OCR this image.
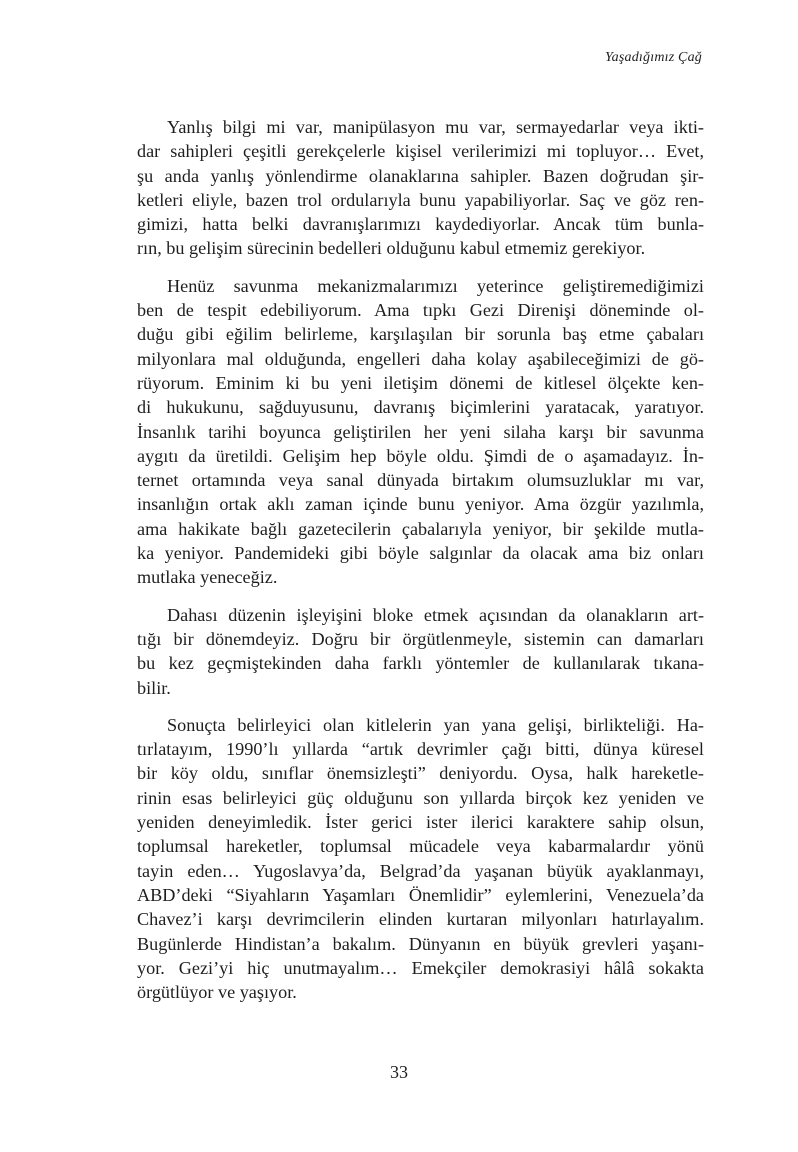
Yaşadığımız Çağ

Yanlış bilgi mi var, manipülasyon mu var, sermayedarlar veya ikti-
dar sahipleri çeşitli gerekçelerle kişisel verilerimizi mi topluyor… Evet,
şu anda yanlış yönlendirme olanaklarına sahipler. Bazen doğrudan şir-
ketleri eliyle, bazen trol ordularıyla bunu yapabiliyorlar. Saç ve göz ren-
gimizi, hatta belki davranışlarımızı kaydediyorlar. Ancak tüm bunla-
rın, bu gelişim sürecinin bedelleri olduğunu kabul etmemiz gerekiyor.

Henüz savunma mekanizmalarımızı yeterince geliştiremediğimizi
ben de tespit edebiliyorum. Ama tıpkı Gezi Direnişi döneminde ol-
duğu gibi eğilim belirleme, karşılaşılan bir sorunla baş etme çabaları
milyonlara mal olduğunda, engelleri daha kolay aşabileceğimizi de gö-
rüyorum. Eminim ki bu yeni iletişim dönemi de kitlesel ölçekte ken-
di hukukunu, sağduyusunu, davranış biçimlerini yaratacak, yaratıyor.
İnsanlık tarihi boyunca geliştirilen her yeni silaha karşı bir savunma
aygıtı da üretildi. Gelişim hep böyle oldu. Şimdi de o aşamadayız. İn-
ternet ortamında veya sanal dünyada birtakım olumsuzluklar mı var,
insanlığın ortak aklı zaman içinde bunu yeniyor. Ama özgür yazılımla,
ama hakikate bağlı gazetecilerin çabalarıyla yeniyor, bir şekilde mutla-
ka yeniyor. Pandemideki gibi böyle salgınlar da olacak ama biz onları
mutlaka yeneceğiz.

Dahası düzenin işleyişini bloke etmek açısından da olanakların art-
tığı bir dönemdeyiz. Doğru bir örgütlenmeyle, sistemin can damarları
bu kez geçmiştekinden daha farklı yöntemler de kullanılarak tıkana-
bilir.

Sonuçta belirleyici olan kitlelerin yan yana gelişi, birlikteliği. Ha-
tırlatayım, 1990’lı yıllarda “artık devrimler çağı bitti, dünya küresel
bir köy oldu, sınıflar önemsizleşti” deniyordu. Oysa, halk hareketle-
rinin esas belirleyici güç olduğunu son yıllarda birçok kez yeniden ve
yeniden deneyimledik. İster gerici ister ilerici karaktere sahip olsun,
toplumsal hareketler, toplumsal mücadele veya kabarmalardır yönü
tayin eden… Yugoslavya’da, Belgrad’da yaşanan büyük ayaklanmayı,
ABD’deki “Siyahların Yaşamları Önemlidir” eylemlerini, Venezuela’da
Chavez’i karşı devrimcilerin elinden kurtaran milyonları hatırlayalım.
Bugünlerde Hindistan’a bakalım. Dünyanın en büyük grevleri yaşanı-
yor. Gezi’yi hiç unutmayalım… Emekçiler demokrasiyi hâlâ sokakta
örgütlüyor ve yaşıyor.

33
